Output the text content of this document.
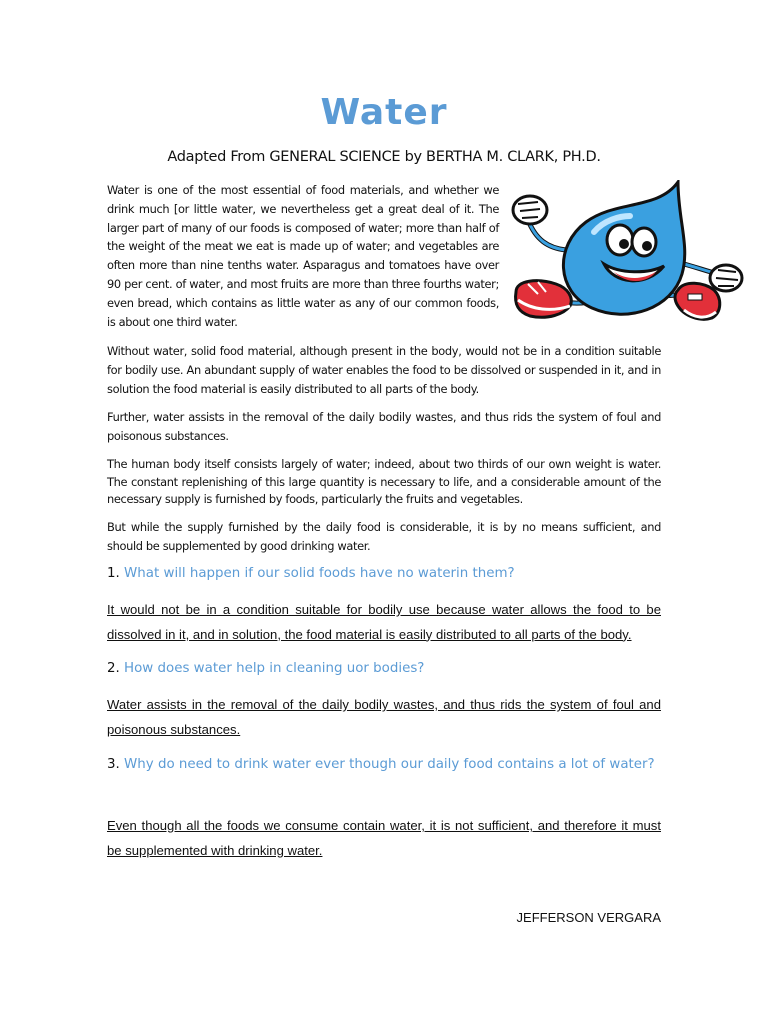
Water

Adapted From GENERAL SCIENCE by BERTHA M. CLARK, PH.D.

Water is one of the most essential of food materials, and whether we drink much [or little water, we nevertheless get a great deal of it. The larger part of many of our foods is composed of water; more than half of the weight of the meat we eat is made up of water; and vegetables are often more than nine tenths water. Asparagus and tomatoes have over 90 per cent. of water, and most fruits are more than three fourths water; even bread, which contains as little water as any of our common foods, is about one third water.

Without water, solid food material, although present in the body, would not be in a condition suitable for bodily use. An abundant supply of water enables the food to be dissolved or suspended in it, and in solution the food material is easily distributed to all parts of the body.

Further, water assists in the removal of the daily bodily wastes, and thus rids the system of foul and poisonous substances.

The human body itself consists largely of water; indeed, about two thirds of our own weight is water. The constant replenishing of this large quantity is necessary to life, and a considerable amount of the necessary supply is furnished by foods, particularly the fruits and vegetables.

But while the supply furnished by the daily food is considerable, it is by no means sufficient, and should be supplemented by good drinking water.

1. What will happen if our solid foods have no waterin them?

It would not be in a condition suitable for bodily use because water allows the food to be dissolved in it, and in solution, the food material is easily distributed to all parts of the body.

2. How does water help in cleaning uor bodies?

Water assists in the removal of the daily bodily wastes, and thus rids the system of foul and poisonous substances.

3. Why do need to drink water ever though our daily food contains a lot of water?

Even though all the foods we consume contain water, it is not sufficient, and therefore it must be supplemented with drinking water.

JEFFERSON VERGARA
